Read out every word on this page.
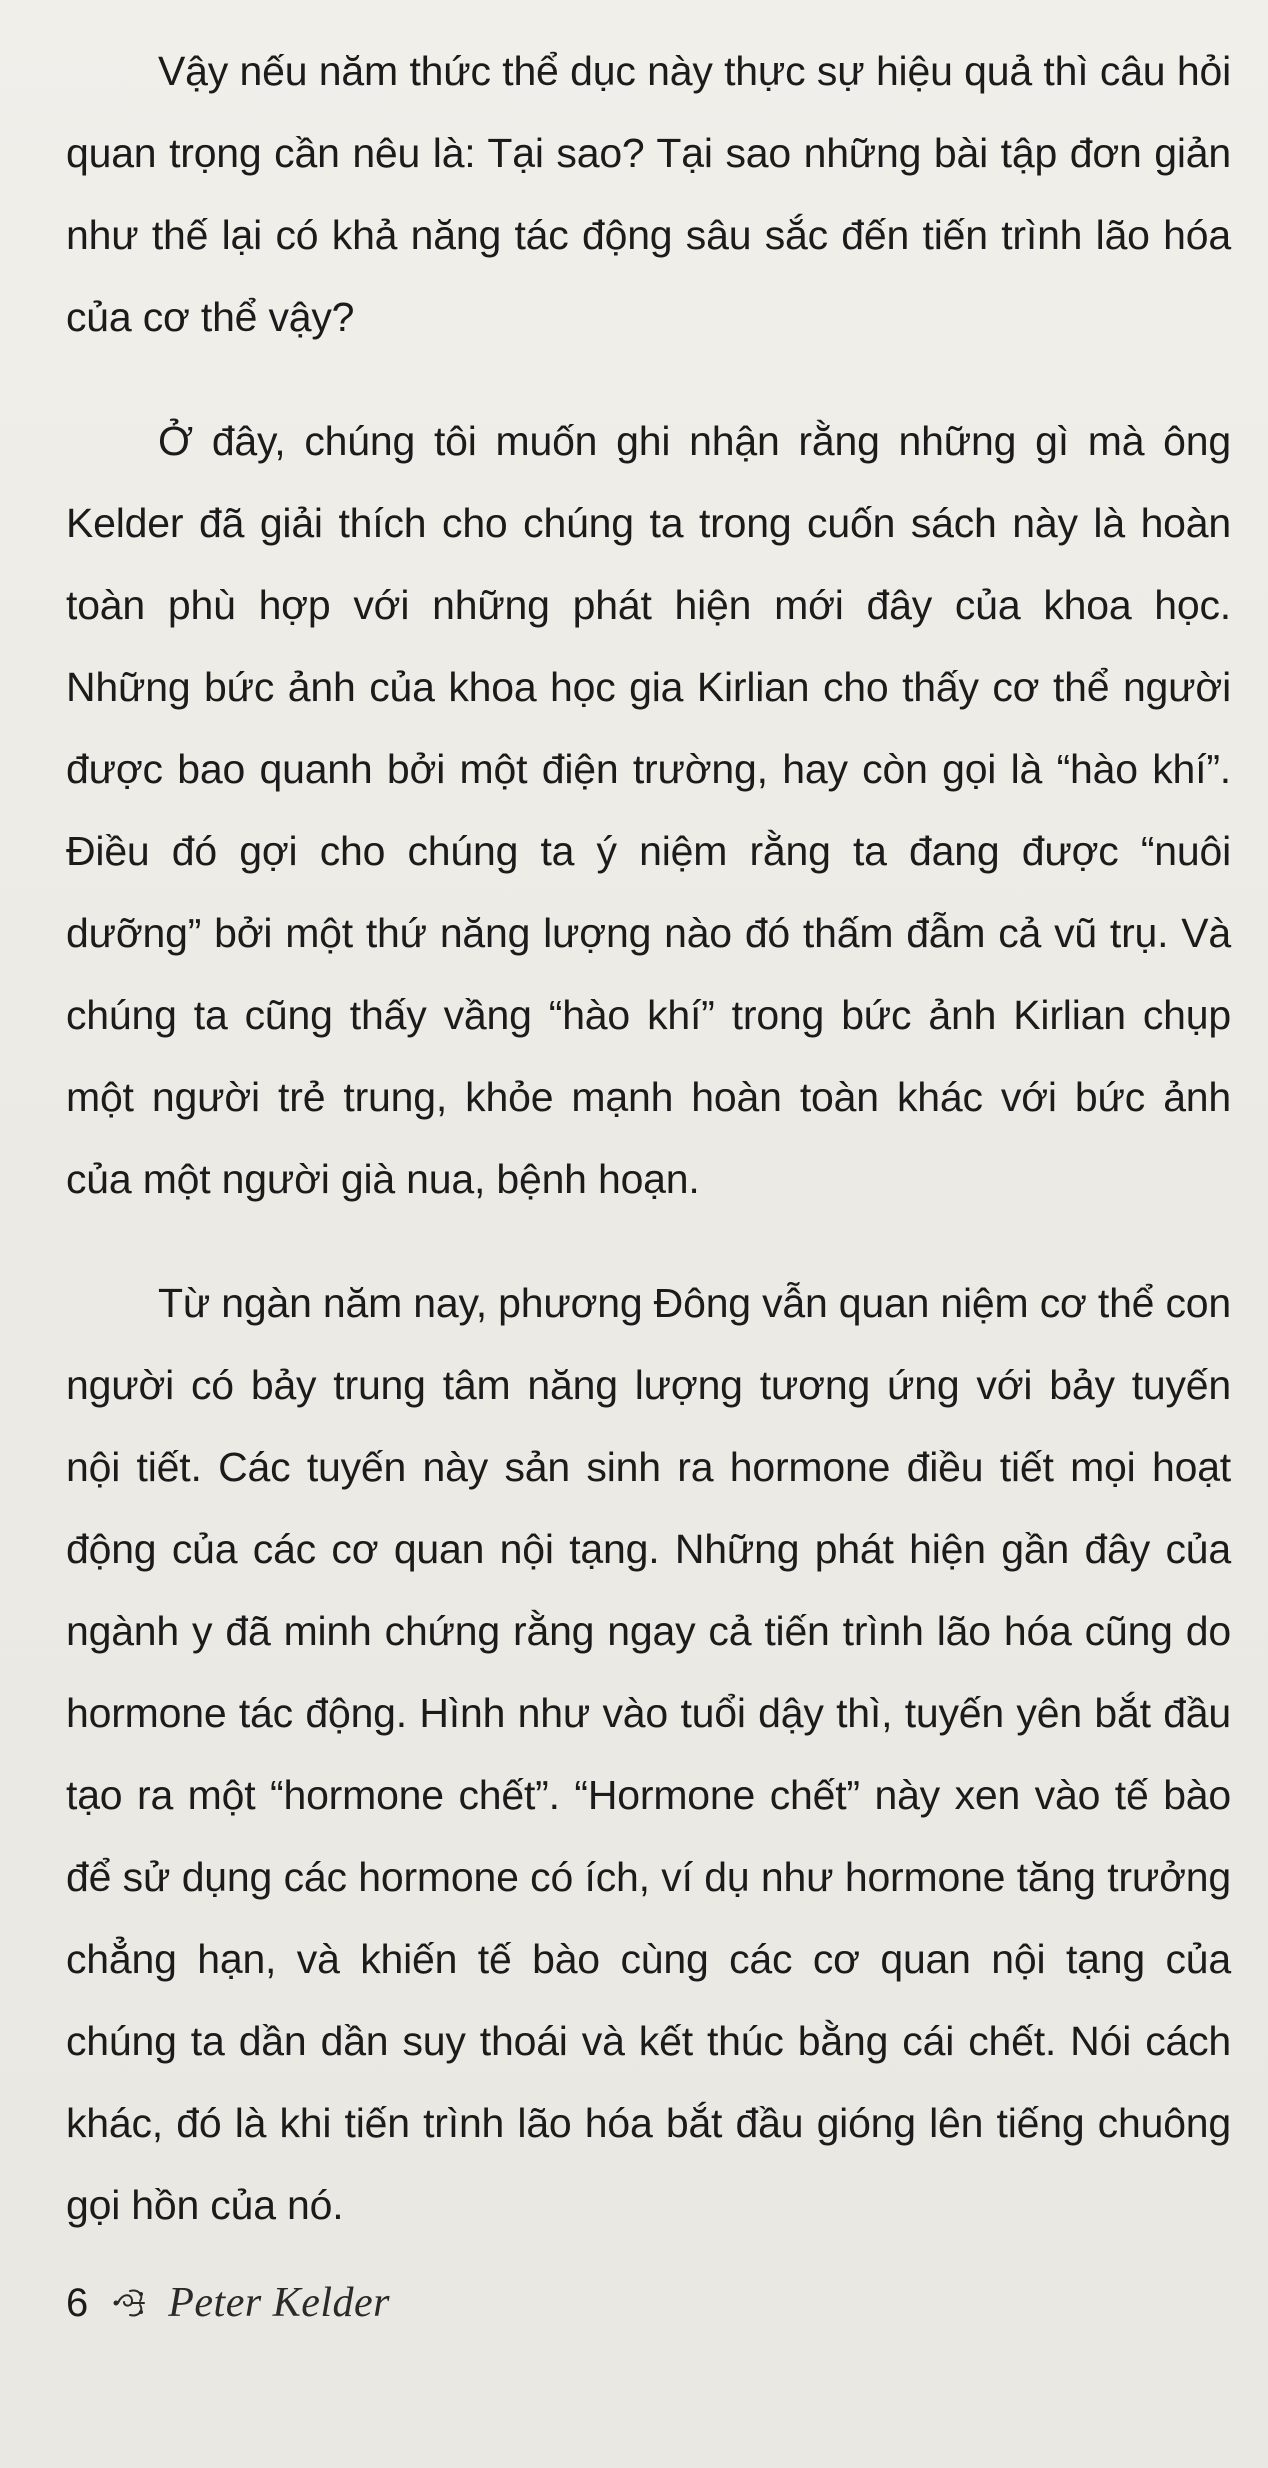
Vậy nếu năm thức thể dục này thực sự hiệu quả thì câu hỏi quan trọng cần nêu là: Tại sao? Tại sao những bài tập đơn giản như thế lại có khả năng tác động sâu sắc đến tiến trình lão hóa của cơ thể vậy?

Ở đây, chúng tôi muốn ghi nhận rằng những gì mà ông Kelder đã giải thích cho chúng ta trong cuốn sách này là hoàn toàn phù hợp với những phát hiện mới đây của khoa học. Những bức ảnh của khoa học gia Kirlian cho thấy cơ thể người được bao quanh bởi một điện trường, hay còn gọi là “hào khí”. Điều đó gợi cho chúng ta ý niệm rằng ta đang được “nuôi dưỡng” bởi một thứ năng lượng nào đó thấm đẫm cả vũ trụ. Và chúng ta cũng thấy vầng “hào khí” trong bức ảnh Kirlian chụp một người trẻ trung, khỏe mạnh hoàn toàn khác với bức ảnh của một người già nua, bệnh hoạn.

Từ ngàn năm nay, phương Đông vẫn quan niệm cơ thể con người có bảy trung tâm năng lượng tương ứng với bảy tuyến nội tiết. Các tuyến này sản sinh ra hormone điều tiết mọi hoạt động của các cơ quan nội tạng. Những phát hiện gần đây của ngành y đã minh chứng rằng ngay cả tiến trình lão hóa cũng do hormone tác động. Hình như vào tuổi dậy thì, tuyến yên bắt đầu tạo ra một “hormone chết”. “Hormone chết” này xen vào tế bào để sử dụng các hormone có ích, ví dụ như hormone tăng trưởng chẳng hạn, và khiến tế bào cùng các cơ quan nội tạng của chúng ta dần dần suy thoái và kết thúc bằng cái chết. Nói cách khác, đó là khi tiến trình lão hóa bắt đầu gióng lên tiếng chuông gọi hồn của nó.

6 Peter Kelder
